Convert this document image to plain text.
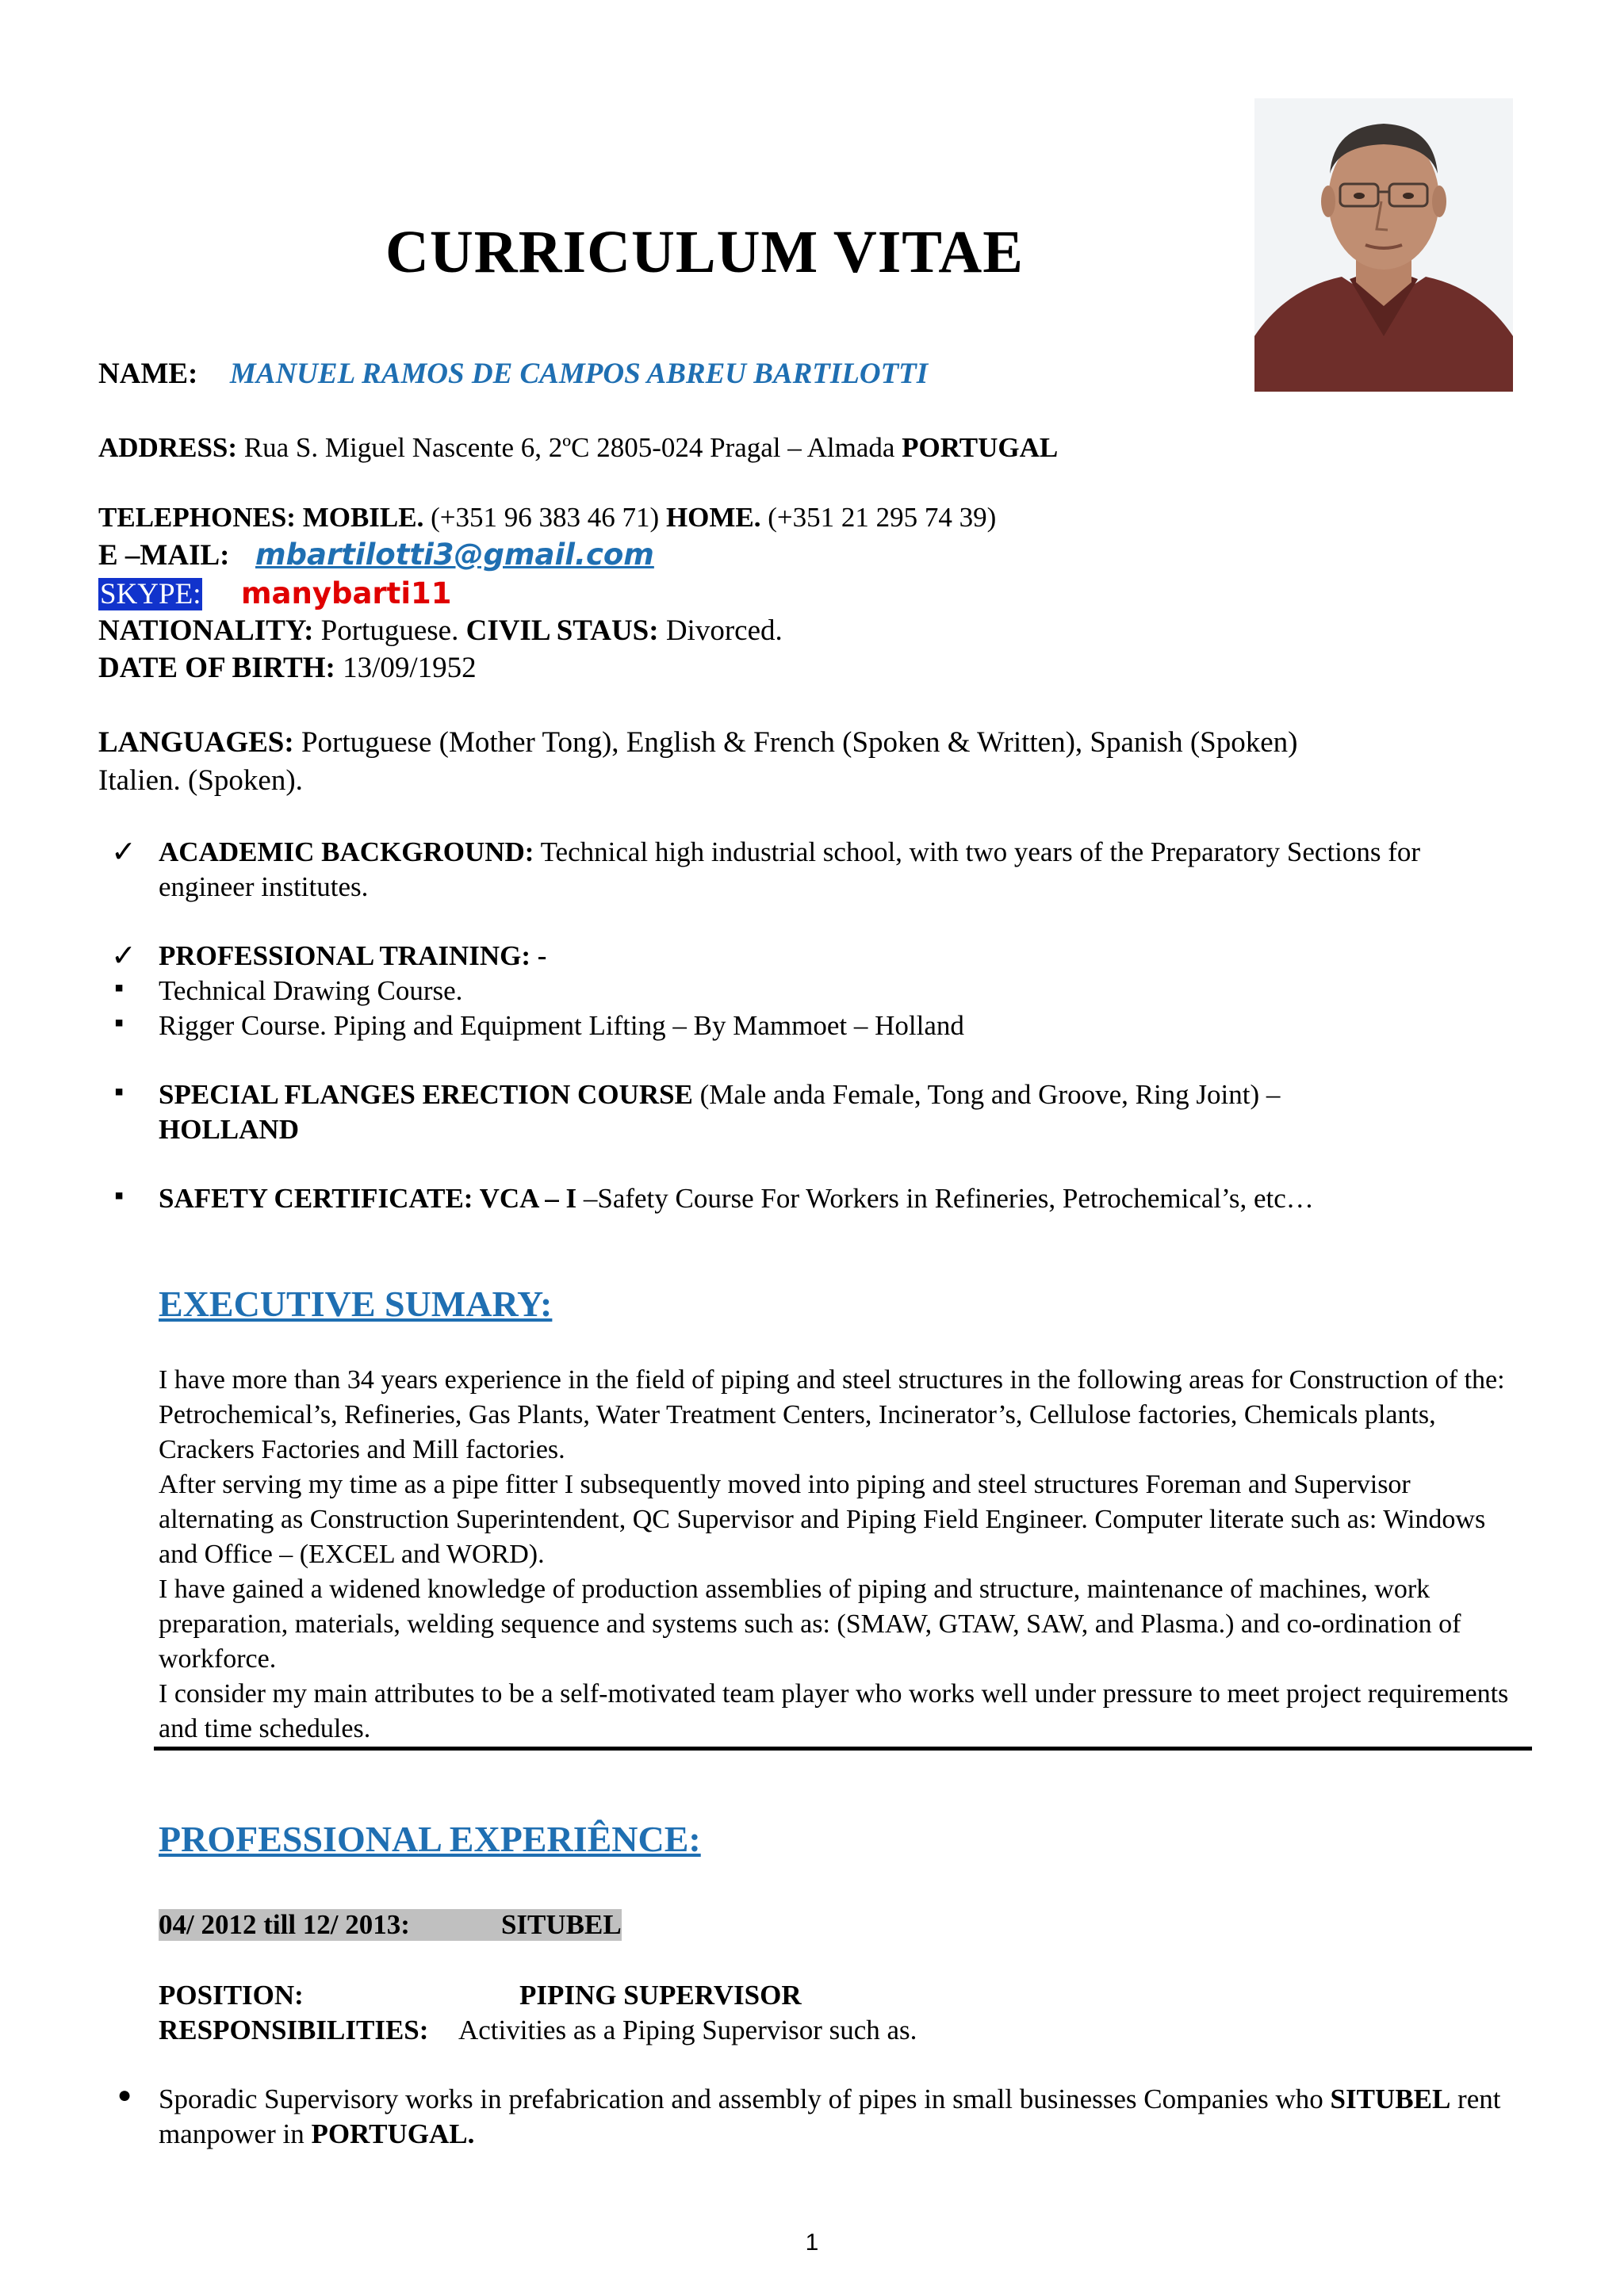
CURRICULUM VITAE
NAME: MANUEL RAMOS DE CAMPOS ABREU BARTILOTTI
ADDRESS: Rua S. Miguel Nascente 6, 2ºC 2805-024 Pragal – Almada PORTUGAL
TELEPHONES: MOBILE. (+351 96 383 46 71) HOME. (+351 21 295 74 39)
E –MAIL: mbartilotti3@gmail.com
SKYPE: manybarti11
NATIONALITY: Portuguese. CIVIL STAUS: Divorced.
DATE OF BIRTH: 13/09/1952
LANGUAGES: Portuguese (Mother Tong), English & French (Spoken & Written), Spanish (Spoken)
Italien. (Spoken).
✓ ACADEMIC BACKGROUND: Technical high industrial school, with two years of the Preparatory Sections for engineer institutes.
✓ PROFESSIONAL TRAINING: -
▪ Technical Drawing Course.
▪ Rigger Course. Piping and Equipment Lifting – By Mammoet – Holland
▪ SPECIAL FLANGES ERECTION COURSE (Male anda Female, Tong and Groove, Ring Joint) –
HOLLAND
▪ SAFETY CERTIFICATE: VCA – I –Safety Course For Workers in Refineries, Petrochemical’s, etc…
EXECUTIVE SUMARY:

I have more than 34 years experience in the field of piping and steel structures in the following areas for Construction of the: Petrochemical’s, Refineries, Gas Plants, Water Treatment Centers, Incinerator’s, Cellulose factories, Chemicals plants, Crackers Factories and Mill factories.

After serving my time as a pipe fitter I subsequently moved into piping and steel structures Foreman and Supervisor alternating as Construction Superintendent, QC Supervisor and Piping Field Engineer. Computer literate such as: Windows and Office – (EXCEL and WORD).

I have gained a widened knowledge of production assemblies of piping and structure, maintenance of machines, work preparation, materials, welding sequence and systems such as: (SMAW, GTAW, SAW, and Plasma.) and co-ordination of workforce.

I consider my main attributes to be a self-motivated team player who works well under pressure to meet project requirements and time schedules.

PROFESSIONAL EXPERIÊNCE:
04/ 2012 till 12/ 2013:	SITUBEL
POSITION:	PIPING SUPERVISOR
RESPONSIBILITIES: Activities as a Piping Supervisor such as.
● Sporadic Supervisory works in prefabrication and assembly of pipes in small businesses Companies who SITUBEL rent manpower in PORTUGAL.
1
